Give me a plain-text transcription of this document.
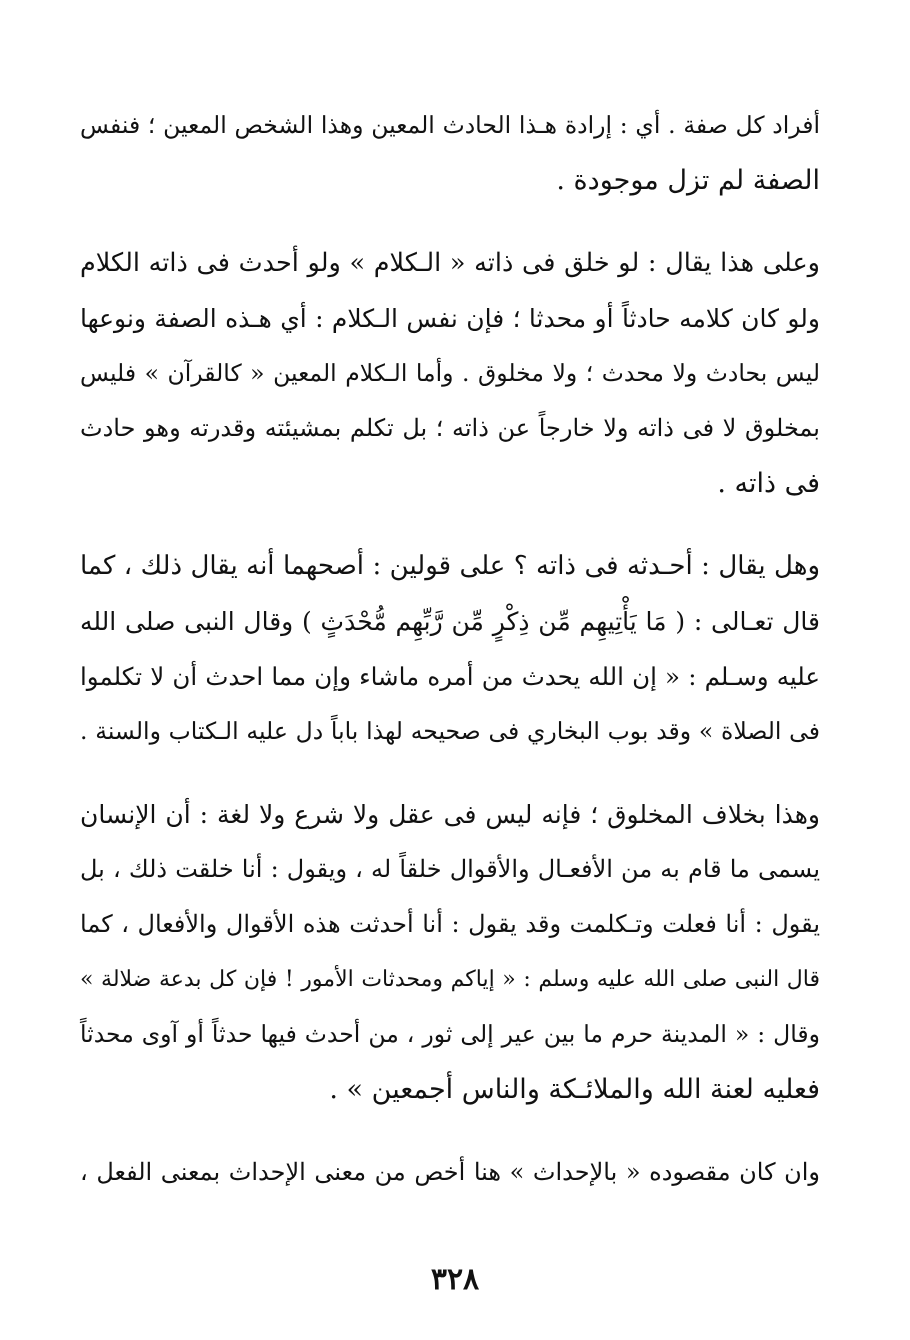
أفراد كل صفة . أي : إرادة هـذا الحادث المعين وهذا الشخص المعين ؛ فنفس
الصفة لم تزل موجودة .
وعلى هذا يقال : لو خلق فى ذاته « الـكلام » ولو أحدث فى ذاته الكلام
ولو كان كلامه حادثاً أو محدثا ؛ فإن نفس الـكلام : أي هـذه الصفة ونوعها
ليس بحادث ولا محدث ؛ ولا مخلوق . وأما الـكلام المعين « كالقرآن » فليس
بمخلوق لا فى ذاته ولا خارجاً عن ذاته ؛ بل تكلم بمشيئته وقدرته وهو حادث
فى ذاته .
وهل يقال : أحـدثه فى ذاته ؟ على قولين : أصحهما أنه يقال ذلك ، كما
قال تعـالى : ( مَا يَأْتِيهِم مِّن ذِكْرٍ مِّن رَّبِّهِم مُّحْدَثٍ ) وقال النبى صلى الله
عليه وسـلم : « إن الله يحدث من أمره ماشاء وإن مما احدث أن لا تكلموا
فى الصلاة » وقد بوب البخاري فى صحيحه لهذا باباً دل عليه الـكتاب والسنة .
وهذا بخلاف المخلوق ؛ فإنه ليس فى عقل ولا شرع ولا لغة : أن الإنسان
يسمى ما قام به من الأفعـال والأقوال خلقاً له ، ويقول : أنا خلقت ذلك ، بل
يقول : أنا فعلت وتـكلمت وقد يقول : أنا أحدثت هذه الأقوال والأفعال ، كما
قال النبى صلى الله عليه وسلم : « إياكم ومحدثات الأمور ! فإن كل بدعة ضلالة »
وقال : « المدينة حرم ما بين عير إلى ثور ، من أحدث فيها حدثاً أو آوى محدثاً
فعليه لعنة الله والملائـكة والناس أجمعين » .
وان كان مقصوده « بالإحداث » هنا أخص من معنى الإحداث بمعنى الفعل ،
٣٢٨
